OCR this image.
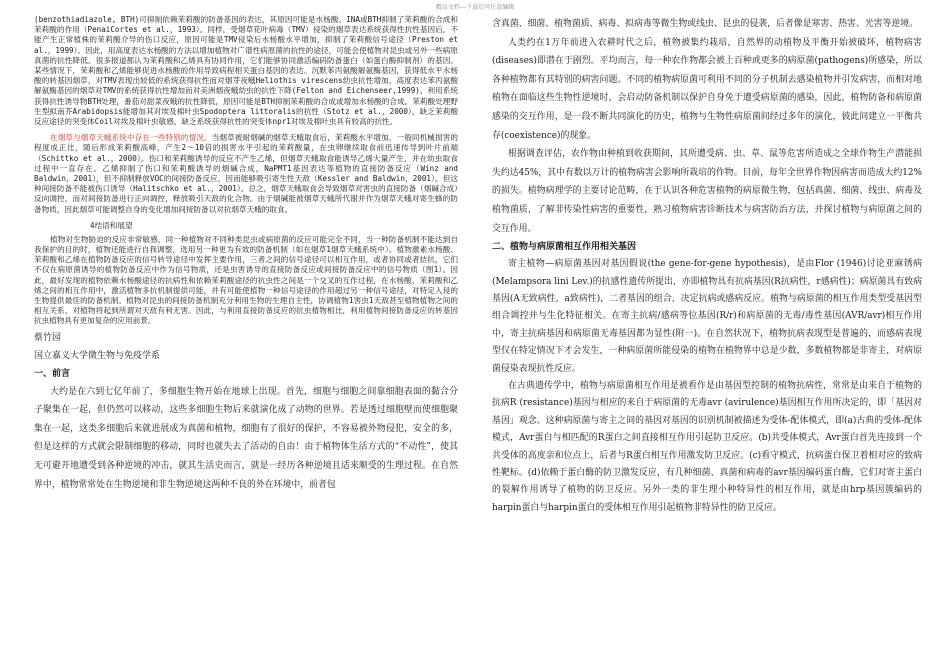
精品文档---下载后可任意编辑

(benzothiadiazole, BTH)可抑制依赖茉莉酸的防备基因的表达，其原因可能是水杨酸、INA或BTH抑制了茉莉酸的合成和茉莉酸的作用（PenaiCortes et al.，1993）。同样，受烟草花叶病毒（TMV）侵染的烟草表达系统获得性抗性基因后，不能产生正常植株的茉莉酸介导的伤口反应，原因可能是TMV侵染后水杨酸水平增加，抑制了茉莉酸信号途径（Preston et al.，1999）。因此，用高度表达水杨酸的方法以增加植物对广谱性病原菌的抗性的途径，可能会使植物对昆虫或另外一些病原真菌的抗性降低。很多报道都认为茉莉酸和乙烯具有协同作用，它们能够协同激活编码防备蛋白（如蛋白酶抑制剂）的基因。某些情况下，茉莉酸和乙烯能够促进水杨酸的作用导致病程相关蛋白基因的表达。沉默苯丙氨酸解氨酶基因，获得低水平水杨酸的转基因烟草，对TMV表现出较低的系统获得抗性而对烟芽夜蛾Heliothis virescens幼虫抗性增加，高度表达苯丙氨酸解氨酶基因的烟草对TMV的系统获得抗性增加而对美洲烟夜蛾幼虫的抗性下降(Felton and Eichenseer,1999)，利用系统获得抗性诱导物BTH处理，番茄对甜菜夜蛾的抗性降低，原因可能是BTH抑制茉莉酸的合成或增加水杨酸的合成。茉莉酸处理野生型拟南芥Arabidopsis能增加其对埃及棉叶虫Spodoptera littoralis的抗性（Stotz et al.，2000），缺乏茉莉酸反应途径的突变体Coil对埃及棉叶虫敏感，缺乏系统获得抗性的突变体npr1对埃及棉叶虫具有较高的抗性。

在烟草与烟草天蛾系统中存在一些特别的情况。当烟草被耐烟碱的烟草天蛾取食后，茉莉酸水平增加，一般同机械损害的程度成正比，随后形成茉莉酸高峰，产生2～10倍的损害水平引起的茉莉酸量，在虫卵继续取食前迅速传导到叶片前端（Schittko et al.，2000）。伤口和茉莉酸诱导的反应不产生乙烯，但烟草天蛾取食能诱导乙烯大量产生，并在幼虫取食过程中一直存在。乙烯抑制了伤口和茉莉酸诱导的烟碱合成，NaPMT1基因表达等植物的直接防备反应（Winz and Baldwin，2001），但不抑制释放VOC的间接防备反应，因而能够吸引寄生性天敌（Kessler and Baldwin，2001）。但这种间接防备不能被伤口诱导（Halitschko et al.，2001）。总之，烟草天蛾取食会导致烟草对害虫的直接防备（烟碱合成）反向调控，而对间接防备进行正向调控，释放吸引天敌的化合物。由于烟碱能被烟草天蛾所代谢并作为烟草天蛾对寄生蜂的防备物质，因此烟草可能调整自身的变化增加间接防备以对抗烟草天蛾的取食。

4结语和展望

植物对生物胁迫的反应非常敏感，同一种植物对不同种类昆虫或病原菌的反应可能完全不同，当一种防备机制不能达到自我保护的目的时，植物还能进行自我调整，选用另一种更为有效的防备机制（如在烟草1烟草天蛾系统中）。植物激素水杨酸、茉莉酸和乙烯在植物防备反应的信号转导途径中发挥主要作用，三者之间的信号途径可以相互作用，或者协同或者拮抗，它们不仅在病原菌诱导的植物防备反应中作为信号物质，还是虫害诱导的直接防备反应或间接防备反应中的信号物质（图1）。因此，最好发现的植物依赖水杨酸途径的抗病性和依赖茉莉酸途径的抗虫性之间是一个交叉的互作过程，在水杨酸、茉莉酸和乙烯之间的相互作用中，激活植物多抗机制提供可能，并有可能使植物一种信号途径的作用超过另一种信号途径，对特定入侵的生物提供最佳的防备机制。植物对昆虫的间接防备机制充分利用生物的生理自主性，协调植物1害虫1天敌甚至植物植物之间的相互关系，对植物将起到所谓对天敌有利无害。因此，与利用直接防备反应的抗虫植物相比，利用植物间接防备反应的转基因抗虫植物具有更加复杂的应用前景。

蔡竹园

国立嘉义大学微生物与免疫学系

一、前言

大约是在六到七亿年前了，多细胞生物开始在地球上出现。首先，细胞与细胞之间靠细胞表面的黏合分子聚集在一起，但仍然可以移动，这些多细胞生物后来就演化成了动物的世界。若是透过细胞壁而使细胞聚集在一起，这类多细胞后来就进展成为真菌和植物，细胞有了很好的保护，不容易被外物侵犯，安全的多，但是这样的方式就会限制细胞的移动，同时也就失去了活动的自由！由于植物体生活方式的“不动性”，使其无可避开地遭受到各种逆境的冲击，就其生活史而言，就是一经历各种逆境且适来顺受的生理过程。在自然界中，植物常常处在生物逆境和非生物逆境这两种不良的外在环境中，前者包

含真菌、细菌、植物菌质、病毒、拟病毒等微生物或线虫、昆虫的侵袭，后者像是寒害、热害、光害等逆境。

人类约在1万年前进入农耕时代之后，植物被集约栽培，自然界的动植物及平衡开始被破坏，植物病害(diseases)即潜在于剧烈。平均而言，每一种农作物都会被上百种或更多的病原菌(pathogens)所感染，所以各种植物都有其特别的病害问题。不同的植物病原菌可利用不同的分子机制去感染植物并引发病害，而相对地植物在面临这些生物性逆境时，会启动防备机制以保护自身免于遭受病原菌的感染，因此，植物防备和病原菌感染的交互作用，是一段不断共同演化的历史，植物与生物性病原菌间经过多年的演化，彼此间建立一平衡共存(coexistence)的现象。

根据调查评估，农作物由种植到收获期间，其所遭受病、虫、草、鼠等危害所造成之全球作物生产潜能损失约达45%，其中有数以万计的植物病害会影响所栽培的作物。目前，每年全世界作物因病害而造成大约12%的损失。植物病理学的主要讨论范畴，在于认识各种危害植物的病原微生物，包括真菌、细菌、线虫、病毒及植物菌质，了解非传染性病害的重要性，熟习植物病害诊断技术与病害防治方法，并探讨植物与病原菌之间的交互作用。

二、植物与病原菌相互作用相关基因

寄主植物—病原菌基因对基因假说(the gene-for-gene hypothesis)，是由Flor (1946)讨论亚麻锈病(Melampsora lini Lev.)的抗感性遗传所提出，亦即植物具有抗病基因(R抗病性，r感病性)；病原菌具有致病基因(A无致病性，a致病性)，二者基因的组合，决定抗病或感病反应。植物与病原菌的相互作用类型受基因型组合调控并与生化特征相关。在寄主抗病/感病等位基因(R/r)和病原菌的无毒/毒性基因(AVR/avr)相互作用中，寄主抗病基因和病原菌无毒基因都为显性(附一)。在自然状况下，植物抗病表现型是普遍的，而感病表现型仅在特定情况下才会发生，一种病原菌所能侵染的植物在植物界中总是少数，多数植物都是非寄主，对病原菌侵染表现抗性反应。

在古典遗传学中，植物与病原菌相互作用是被看作是由基因型控制的植物抗病性，常常是由来自于植物的抗病R (resistance)基因与相应的来自于病原菌的无毒avr (avirulence)基因相互作用所决定的，即「基因对基因」观念。这种病原菌与寄主之间的基因对基因的识别机制被描述为受体-配体模式，即(a)古典的受体-配体模式，Avr蛋白与相匹配的R蛋白之间直接相互作用引起防卫反应。(b)共受体模式，Avr蛋白首先连接到一个共受体的高度亲和位点上，后者与R蛋白相互作用激发防卫反应。(c)看守模式，抗病蛋白保卫着相对应的致病性靶标。(d)依赖于蛋白酶的防卫激发反应，有几种细菌、真菌和病毒的avr基因编码蛋白酶，它们对寄主蛋白的裂解作用诱导了植物的防卫反应。另外一类的非生理小种特异性的相互作用，就是由hrp基因簇编码的harpin蛋白与harpin蛋白的受体相互作用引起植物非特异性的防卫反应。
